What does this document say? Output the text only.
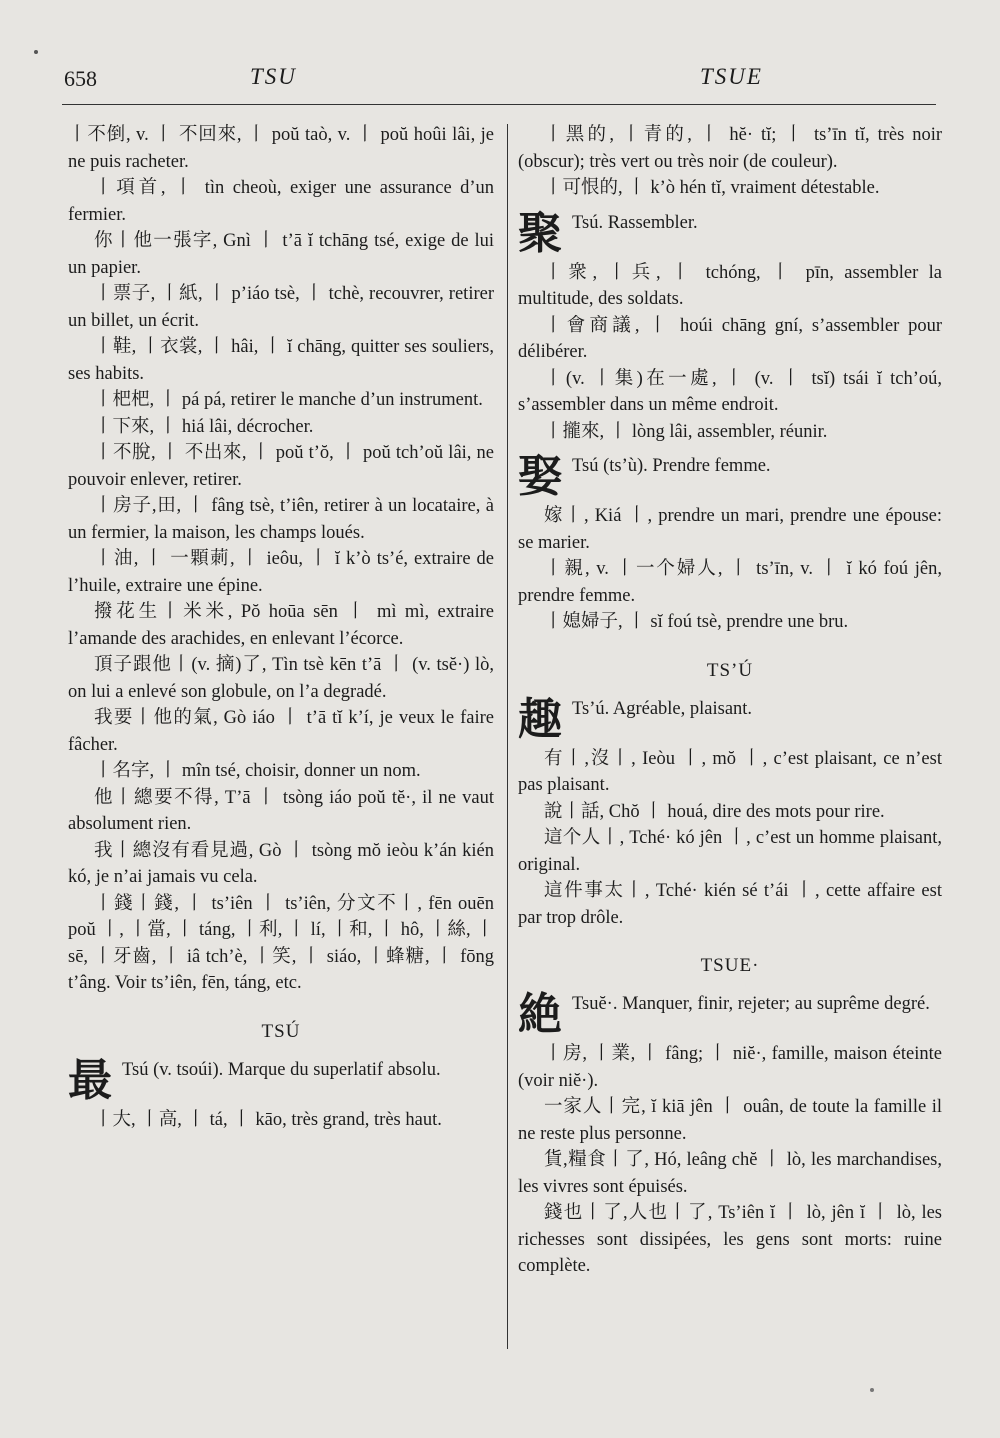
658	TSU	TSUE

丨不倒, v. 丨 不回來, 丨 poŭ taò, v. 丨 poŭ hoûi lâi, je ne puis racheter.

丨項首, 丨 tìn cheoù, exiger une assurance d’un fermier.

你丨他一張字, Gnì 丨 t’ā ĭ tchāng tsé, exige de lui un papier.

丨票子, 丨紙, 丨 p’iáo tsè, 丨 tchè, recouvrer, retirer un billet, un écrit.

丨鞋, 丨衣裳, 丨 hâi, 丨 ĭ chāng, quitter ses souliers, ses habits.

丨杷杷, 丨 pá pá, retirer le manche d’un instrument.

丨下來, 丨 hiá lâi, décrocher.

丨不脫, 丨 不出來, 丨 poŭ t’ŏ, 丨 poŭ tch’oŭ lâi, ne pouvoir enlever, retirer.

丨房子,田, 丨 fâng tsè, t’iên, retirer à un locataire, à un fermier, la maison, les champs loués.

丨油, 丨 一顆莿, 丨 ieôu, 丨 ĭ k’ò ts’é, extraire de l’huile, extraire une épine.

撥花生丨米米, Pŏ hoūa sēn 丨 mì mì, extraire l’amande des arachides, en enlevant l’écorce.

頂子跟他丨(v. 摘)了, Tìn tsè kēn t’ā 丨 (v. tsĕ·) lò, on lui a enlevé son globule, on l’a degradé.

我要丨他的氣, Gò iáo 丨 t’ā tĭ k’í, je veux le faire fâcher.

丨名字, 丨 mîn tsé, choisir, donner un nom.

他丨總要不得, T’ā 丨 tsòng iáo poŭ tĕ·, il ne vaut absolument rien.

我丨總沒有看見過, Gò 丨 tsòng mŏ ieòu k’án kién kó, je n’ai jamais vu cela.

丨錢丨錢, 丨 ts’iên 丨 ts’iên, 分文不丨, fēn ouēn poŭ 丨, 丨當, 丨 táng, 丨利, 丨 lí, 丨和, 丨 hô, 丨絲, 丨 sē, 丨牙齒, 丨 iâ tch’è, 丨笑, 丨 siáo, 丨蜂糖, 丨 fōng t’âng. Voir ts’iên, fēn, táng, etc.

TSÚ
最 Tsú (v. tsoúi). Marque du superlatif absolu.

丨大, 丨高, 丨 tá, 丨 kāo, très grand, très haut.

丨黑的, 丨青的, 丨 hĕ· tĭ; 丨 ts’īn tĭ, très noir (obscur); très vert ou très noir (de couleur).

丨可恨的, 丨 k’ò hén tĭ, vraiment détestable.

聚 Tsú. Rassembler.

丨衆, 丨兵, 丨 tchóng, 丨 pīn, assembler la multitude, des soldats.

丨會商議, 丨 hoúi chāng gní, s’assembler pour délibérer.

丨(v. 丨集)在一處, 丨 (v. 丨 tsĭ) tsái ĭ tch’oú, s’assembler dans un même endroit.

丨攏來, 丨 lòng lâi, assembler, réunir.

娶 Tsú (ts’ù). Prendre femme.

嫁丨, Kiá 丨, prendre un mari, prendre une épouse: se marier.

丨親, v. 丨一个婦人, 丨 ts’īn, v. 丨 ĭ kó foú jên, prendre femme.

丨媳婦子, 丨 sĭ foú tsè, prendre une bru.

TS’Ú
趣 Ts’ú. Agréable, plaisant.

有丨,沒丨, Ieòu 丨, mŏ 丨, c’est plaisant, ce n’est pas plaisant.

說丨話, Chŏ 丨 houá, dire des mots pour rire.

這个人丨, Tché· kó jên 丨, c’est un homme plaisant, original.

這件事太丨, Tché· kién sé t’ái 丨, cette affaire est par trop drôle.

TSUE·
絶 Tsuĕ·. Manquer, finir, rejeter; au suprême degré.

丨房, 丨業, 丨 fâng; 丨 niĕ·, famille, maison éteinte (voir niĕ·).

一家人丨完, ĭ kiā jên 丨 ouân, de toute la famille il ne reste plus personne.

貨,糧食丨了, Hó, leâng chĕ 丨 lò, les marchandises, les vivres sont épuisés.

錢也丨了,人也丨了, Ts’iên ĭ 丨 lò, jên ĭ 丨 lò, les richesses sont dissipées, les gens sont morts: ruine complète.
